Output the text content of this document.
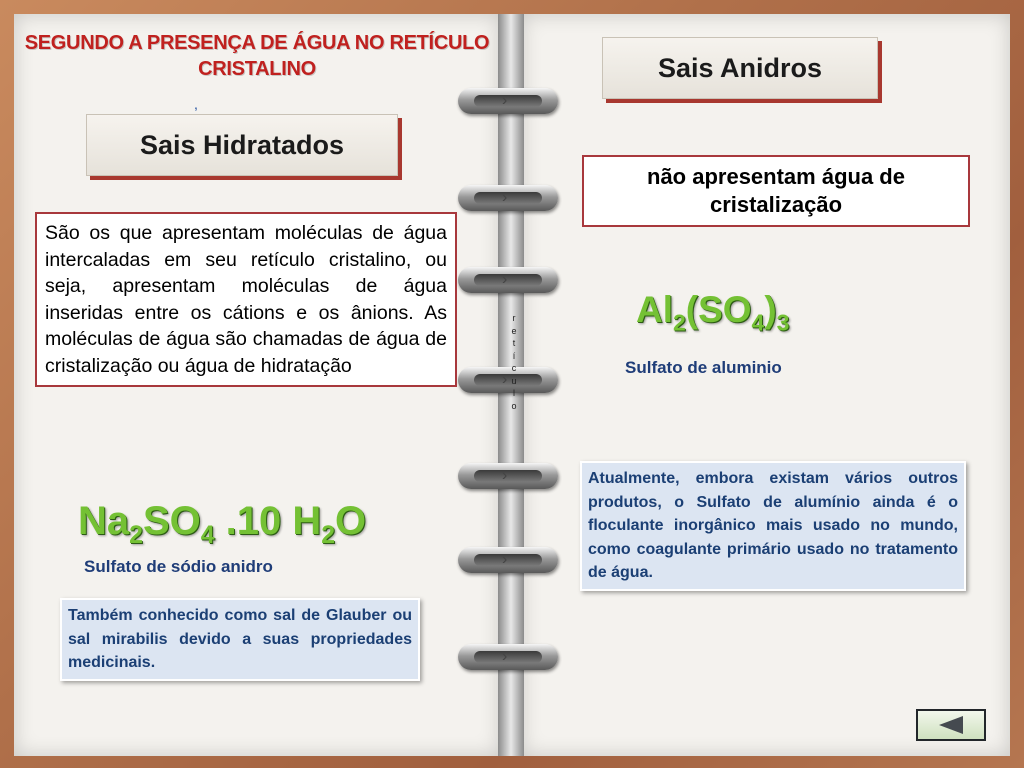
›
›
›
›
›
›
›
r
e
t
í
c
u
l
o
SEGUNDO A PRESENÇA DE ÁGUA NO RETÍCULO CRISTALINO
,
Sais Hidratados
São os que apresentam moléculas de água intercaladas em seu retículo cristalino, ou seja, apresentam moléculas de água inseridas entre os cátions e os ânions. As moléculas de água são chamadas de água de cristalização ou água de hidratação
$Na_2SO_4$ .10 $H_2O$
Sulfato de sódio anidro
Também conhecido como sal de Glauber ou sal mirabilis devido a suas propriedades medicinais.
Sais Anidros
não apresentam água de cristalização
$Al_2(SO_4)_3$
Sulfato de aluminio
Atualmente, embora existam vários outros produtos, o Sulfato de alumínio ainda é o floculante inorgânico mais usado no mundo, como coagulante primário usado no tratamento de água.
